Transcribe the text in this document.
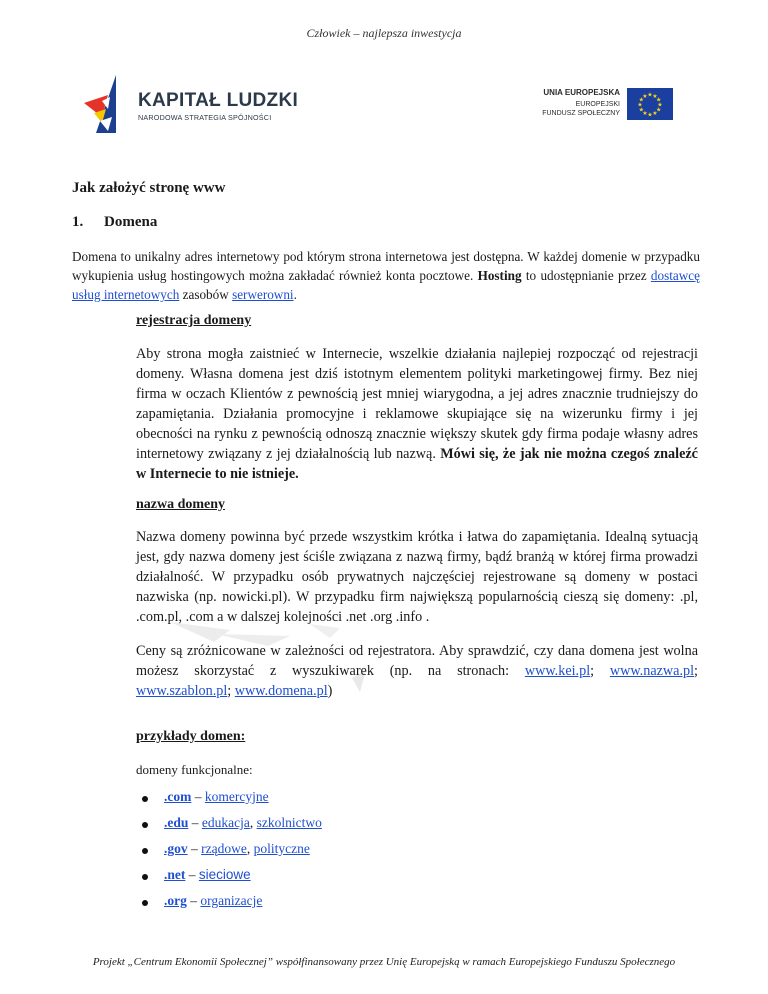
Człowiek – najlepsza inwestycja
KAPITAŁ LUDZKI
NARODOWA STRATEGIA SPÓJNOŚCI
UNIA EUROPEJSKA
EUROPEJSKI
FUNDUSZ SPOŁECZNY
★
★
★
★
★
★
★
★
★ ★ ★
★
Jak założyć stronę www
1. Domena
Domena to unikalny adres internetowy pod którym strona internetowa jest dostępna. W każdej domenie w przypadku wykupienia usług hostingowych można zakładać również konta pocztowe. Hosting to udostępnianie przez dostawcę usług internetowych zasobów serwerowni.
rejestracja domeny
Aby strona mogła zaistnieć w Internecie, wszelkie działania najlepiej rozpocząć od rejestracji domeny. Własna domena jest dziś istotnym elementem polityki marketingowej firmy. Bez niej firma w oczach Klientów z pewnością jest mniej wiarygodna, a jej adres znacznie trudniejszy do zapamiętania. Działania promocyjne i reklamowe skupiające się na wizerunku firmy i jej obecności na rynku z pewnością odnoszą znacznie większy skutek gdy firma podaje własny adres internetowy związany z jej działalnością lub nazwą. Mówi się, że jak nie można czegoś znaleźć w Internecie to nie istnieje.
nazwa domeny
Nazwa domeny powinna być przede wszystkim krótka i łatwa do zapamiętania. Idealną sytuacją jest, gdy nazwa domeny jest ściśle związana z nazwą firmy, bądź branżą w której firma prowadzi działalność. W przypadku osób prywatnych najczęściej rejestrowane są domeny w postaci nazwiska (np. nowicki.pl). W przypadku firm największą popularnością cieszą się domeny: .pl, .com.pl, .com a w dalszej kolejności .net .org .info .
Ceny są zróżnicowane w zależności od rejestratora. Aby sprawdzić, czy dana domena jest wolna możesz skorzystać z wyszukiwarek (np. na stronach: www.kei.pl; www.nazwa.pl; www.szablon.pl; www.domena.pl)
przykłady domen:
domeny funkcjonalne:
.com – komercyjne
.edu – edukacja, szkolnictwo
.gov – rządowe, polityczne
.net – sieciowe
.org – organizacje
Projekt „Centrum Ekonomii Społecznej” współfinansowany przez Unię Europejską w ramach Europejskiego Funduszu Społecznego
